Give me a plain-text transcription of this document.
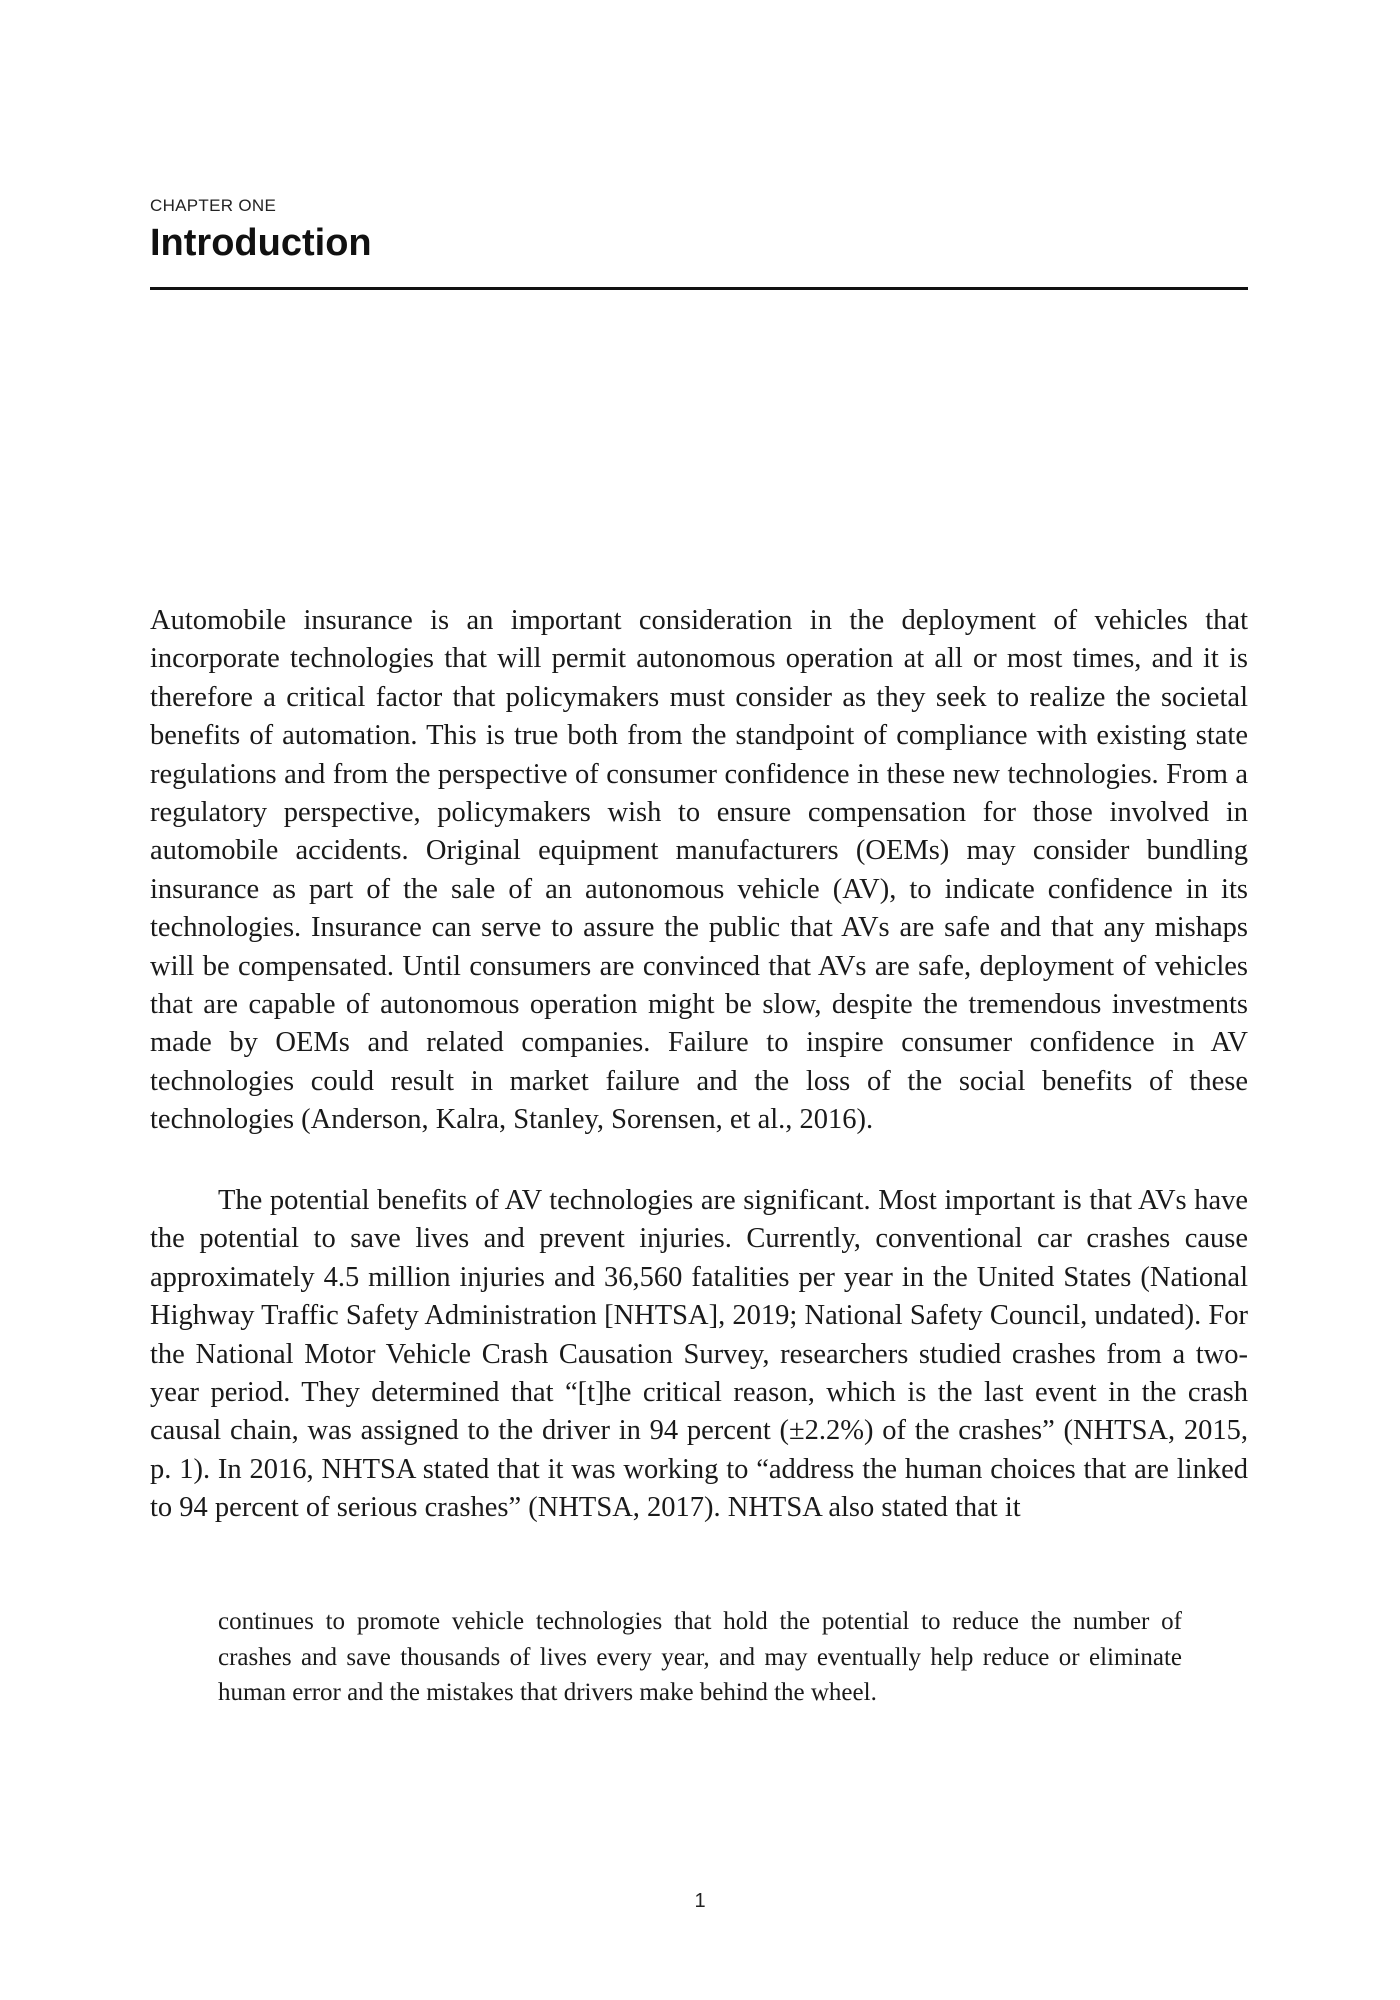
CHAPTER ONE
Introduction

Automobile insurance is an important consideration in the deployment of vehicles that incorporate technologies that will permit autonomous operation at all or most times, and it is therefore a critical factor that policymakers must consider as they seek to realize the societal benefits of automation. This is true both from the standpoint of compliance with existing state regulations and from the perspective of consumer confidence in these new technologies. From a regulatory perspective, policymakers wish to ensure compensation for those involved in automobile accidents. Original equipment manufacturers (OEMs) may consider bundling insurance as part of the sale of an autonomous vehicle (AV), to indicate confidence in its technologies. Insurance can serve to assure the public that AVs are safe and that any mishaps will be compensated. Until consumers are convinced that AVs are safe, deployment of vehicles that are capable of autonomous operation might be slow, despite the tremendous investments made by OEMs and related companies. Failure to inspire consumer confidence in AV technologies could result in market failure and the loss of the social benefits of these technologies (Anderson, Kalra, Stanley, Sorensen, et al., 2016).

The potential benefits of AV technologies are significant. Most important is that AVs have the potential to save lives and prevent injuries. Currently, conventional car crashes cause approximately 4.5 million injuries and 36,560 fatalities per year in the United States (National Highway Traffic Safety Administration [NHTSA], 2019; National Safety Council, undated). For the National Motor Vehicle Crash Causation Survey, researchers studied crashes from a two-year period. They determined that “[t]he critical reason, which is the last event in the crash causal chain, was assigned to the driver in 94 percent (±2.2%) of the crashes” (NHTSA, 2015, p. 1). In 2016, NHTSA stated that it was working to “address the human choices that are linked to 94 percent of serious crashes” (NHTSA, 2017). NHTSA also stated that it

continues to promote vehicle technologies that hold the potential to reduce the number of crashes and save thousands of lives every year, and may eventually help reduce or eliminate human error and the mistakes that drivers make behind the wheel.

1
